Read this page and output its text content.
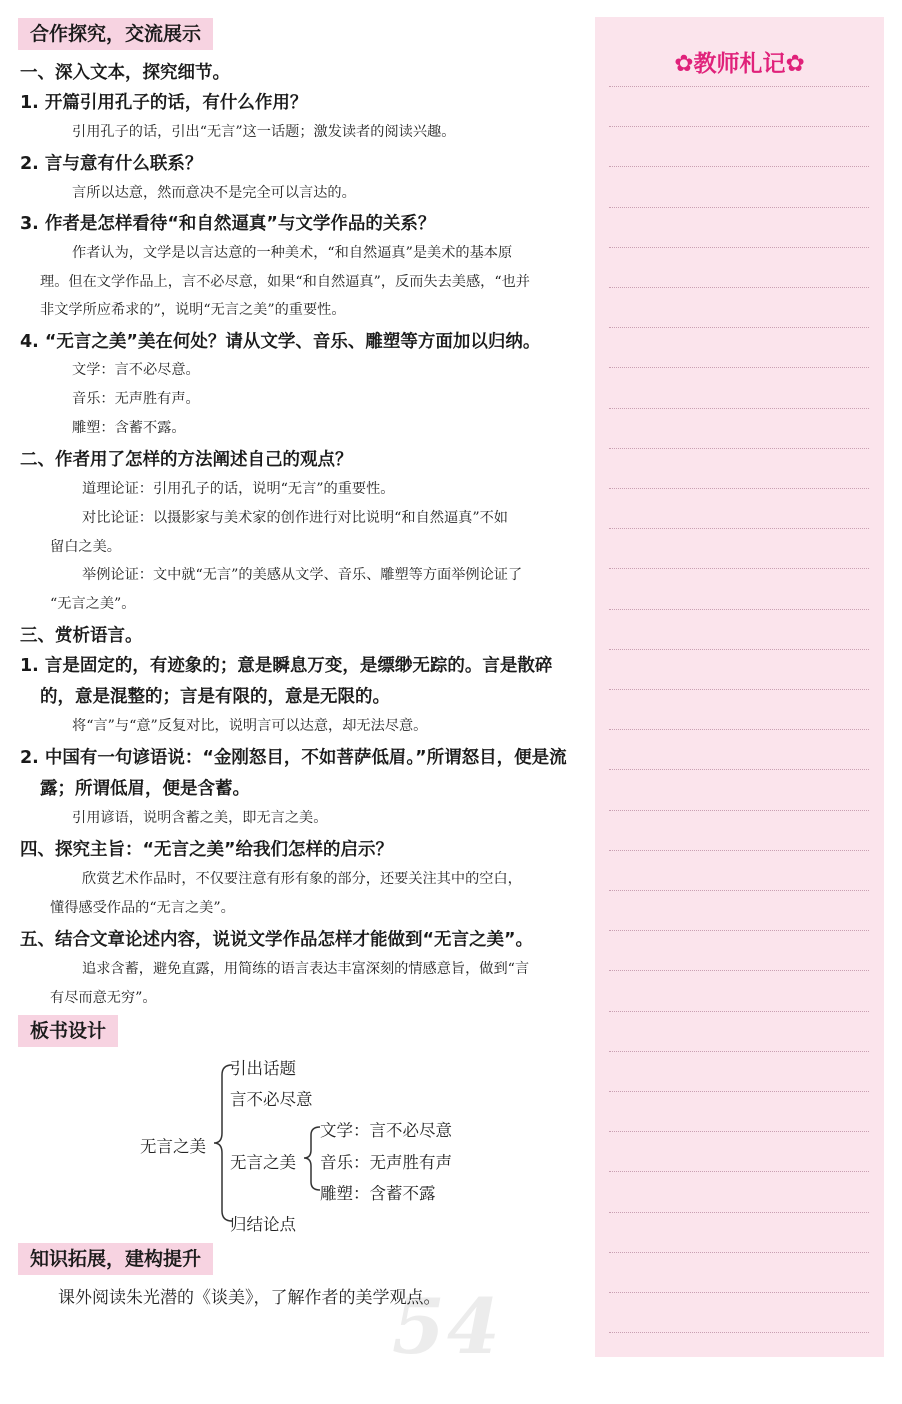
合作探究，交流展示
一、深入文本，探究细节。
1. 开篇引用孔子的话，有什么作用？
引用孔子的话，引出“无言”这一话题；激发读者的阅读兴趣。
2. 言与意有什么联系？
言所以达意，然而意决不是完全可以言达的。
3. 作者是怎样看待“和自然逼真”与文学作品的关系？
作者认为，文学是以言达意的一种美术，“和自然逼真”是美术的基本原
理。但在文学作品上，言不必尽意，如果“和自然逼真”，反而失去美感，“也并
非文学所应希求的”，说明“无言之美”的重要性。
4. “无言之美”美在何处？请从文学、音乐、雕塑等方面加以归纳。
文学：言不必尽意。
音乐：无声胜有声。
雕塑：含蓄不露。
二、作者用了怎样的方法阐述自己的观点？
道理论证：引用孔子的话，说明“无言”的重要性。
对比论证：以摄影家与美术家的创作进行对比说明“和自然逼真”不如
留白之美。
举例论证：文中就“无言”的美感从文学、音乐、雕塑等方面举例论证了
“无言之美”。
三、赏析语言。
1. 言是固定的，有迹象的；意是瞬息万变，是缥缈无踪的。言是散碎
的，意是混整的；言是有限的，意是无限的。
将“言”与“意”反复对比，说明言可以达意，却无法尽意。
2. 中国有一句谚语说：“金刚怒目，不如菩萨低眉。”所谓怒目，便是流
露；所谓低眉，便是含蓄。
引用谚语，说明含蓄之美，即无言之美。
四、探究主旨：“无言之美”给我们怎样的启示？
欣赏艺术作品时，不仅要注意有形有象的部分，还要关注其中的空白，
懂得感受作品的“无言之美”。
五、结合文章论述内容，说说文学作品怎样才能做到“无言之美”。
追求含蓄，避免直露，用简练的语言表达丰富深刻的情感意旨，做到“言
有尽而意无穷”。
板书设计
无言之美
引出话题
言不必尽意
无言之美
文学：言不必尽意
音乐：无声胜有声
雕塑：含蓄不露
归结论点
知识拓展，建构提升
54
课外阅读朱光潜的《谈美》，了解作者的美学观点。
✿教师札记✿
